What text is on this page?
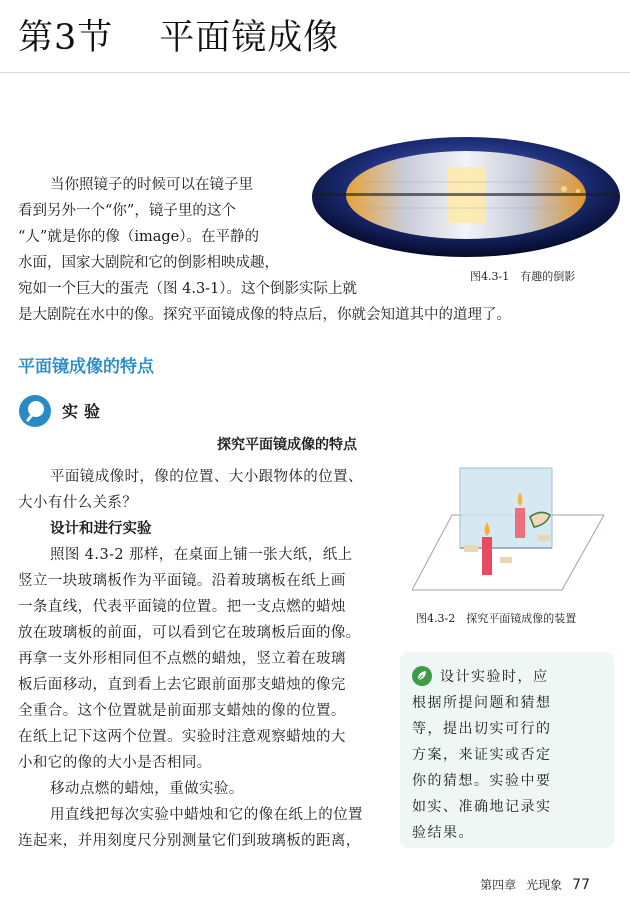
第3节 平面镜成像
图4.3-1　有趣的倒影
当你照镜子的时候可以在镜子里
看到另外一个“你”，镜子里的这个
“人”就是你的像（image）。在平静的
水面，国家大剧院和它的倒影相映成趣，
宛如一个巨大的蛋壳（图 4.3-1）。这个倒影实际上就
是大剧院在水中的像。探究平面镜成像的特点后，你就会知道其中的道理了。
平面镜成像的特点
实验
探究平面镜成像的特点
平面镜成像时，像的位置、大小跟物体的位置、
大小有什么关系？
设计和进行实验
照图 4.3-2 那样，在桌面上铺一张大纸，纸上
竖立一块玻璃板作为平面镜。沿着玻璃板在纸上画
一条直线，代表平面镜的位置。把一支点燃的蜡烛
放在玻璃板的前面，可以看到它在玻璃板后面的像。
再拿一支外形相同但不点燃的蜡烛，竖立着在玻璃
板后面移动，直到看上去它跟前面那支蜡烛的像完
全重合。这个位置就是前面那支蜡烛的像的位置。
在纸上记下这两个位置。实验时注意观察蜡烛的大
小和它的像的大小是否相同。
移动点燃的蜡烛，重做实验。
用直线把每次实验中蜡烛和它的像在纸上的位置
连起来，并用刻度尺分别测量它们到玻璃板的距离，
图4.3-2　探究平面镜成像的装置
设计实验时，应
根据所提问题和猜想
等，提出切实可行的
方案，来证实或否定
你的猜想。实验中要
如实、准确地记录实
验结果。
第四章 光现象 77
